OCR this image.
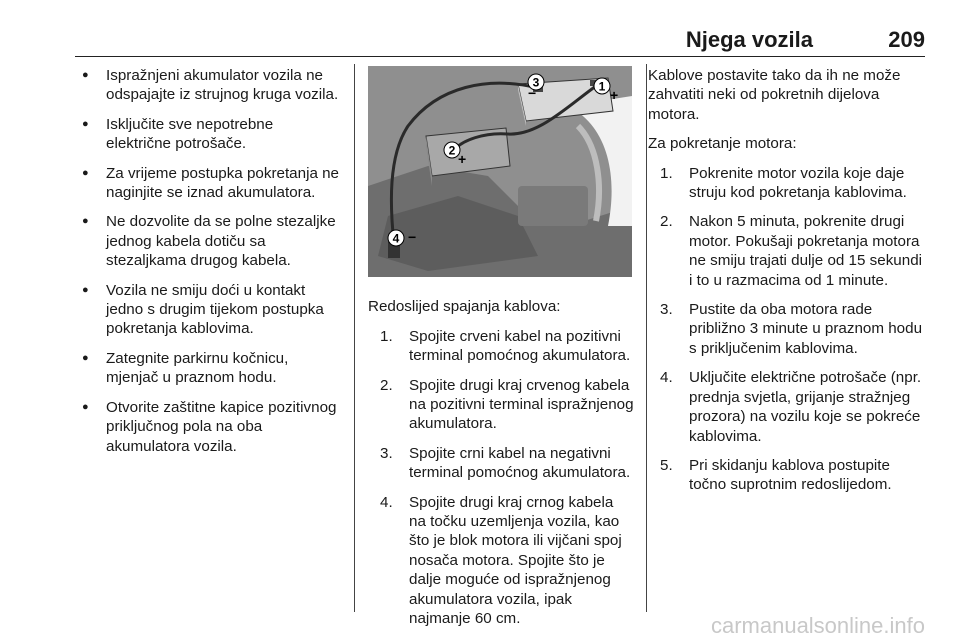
Njega vozila	209
● Ispražnjeni akumulator vozila ne odspajajte iz strujnog kruga vozila.
● Isključite sve nepotrebne električne potrošače.
● Za vrijeme postupka pokretanja ne naginjite se iznad akumulatora.
● Ne dozvolite da se polne stezaljke jednog kabela dotiču sa stezaljkama drugog kabela.
● Vozila ne smiju doći u kontakt jedno s drugim tijekom postupka pokretanja kablovima.
● Zategnite parkirnu kočnicu, mjenjač u praznom hodu.
● Otvorite zaštitne kapice pozitivnog priključnog pola na oba akumulatora vozila.
1
+
2
+
3
−
4 −

Redoslijed spajanja kablova:

1. Spojite crveni kabel na pozitivni terminal pomoćnog akumulatora.
2. Spojite drugi kraj crvenog kabela na pozitivni terminal ispražnjenog akumulatora.
3. Spojite crni kabel na negativni terminal pomoćnog akumulatora.
4. Spojite drugi kraj crnog kabela na točku uzemljenja vozila, kao što je blok motora ili vijčani spoj nosača motora. Spojite što je dalje moguće od ispražnjenog akumulatora vozila, ipak najmanje 60 cm.

Kablove postavite tako da ih ne može zahvatiti neki od pokretnih dijelova motora.

Za pokretanje motora:

1. Pokrenite motor vozila koje daje struju kod pokretanja kablovima.
2. Nakon 5 minuta, pokrenite drugi motor. Pokušaji pokretanja motora ne smiju trajati dulje od 15 sekundi i to u razmacima od 1 minute.
3. Pustite da oba motora rade približno 3 minute u praznom hodu s priključenim kablovima.
4. Uključite električne potrošače (npr. prednja svjetla, grijanje stražnjeg prozora) na vozilu koje se pokreće kablovima.
5. Pri skidanju kablova postupite točno suprotnim redoslijedom.
carmanualsonline.info
